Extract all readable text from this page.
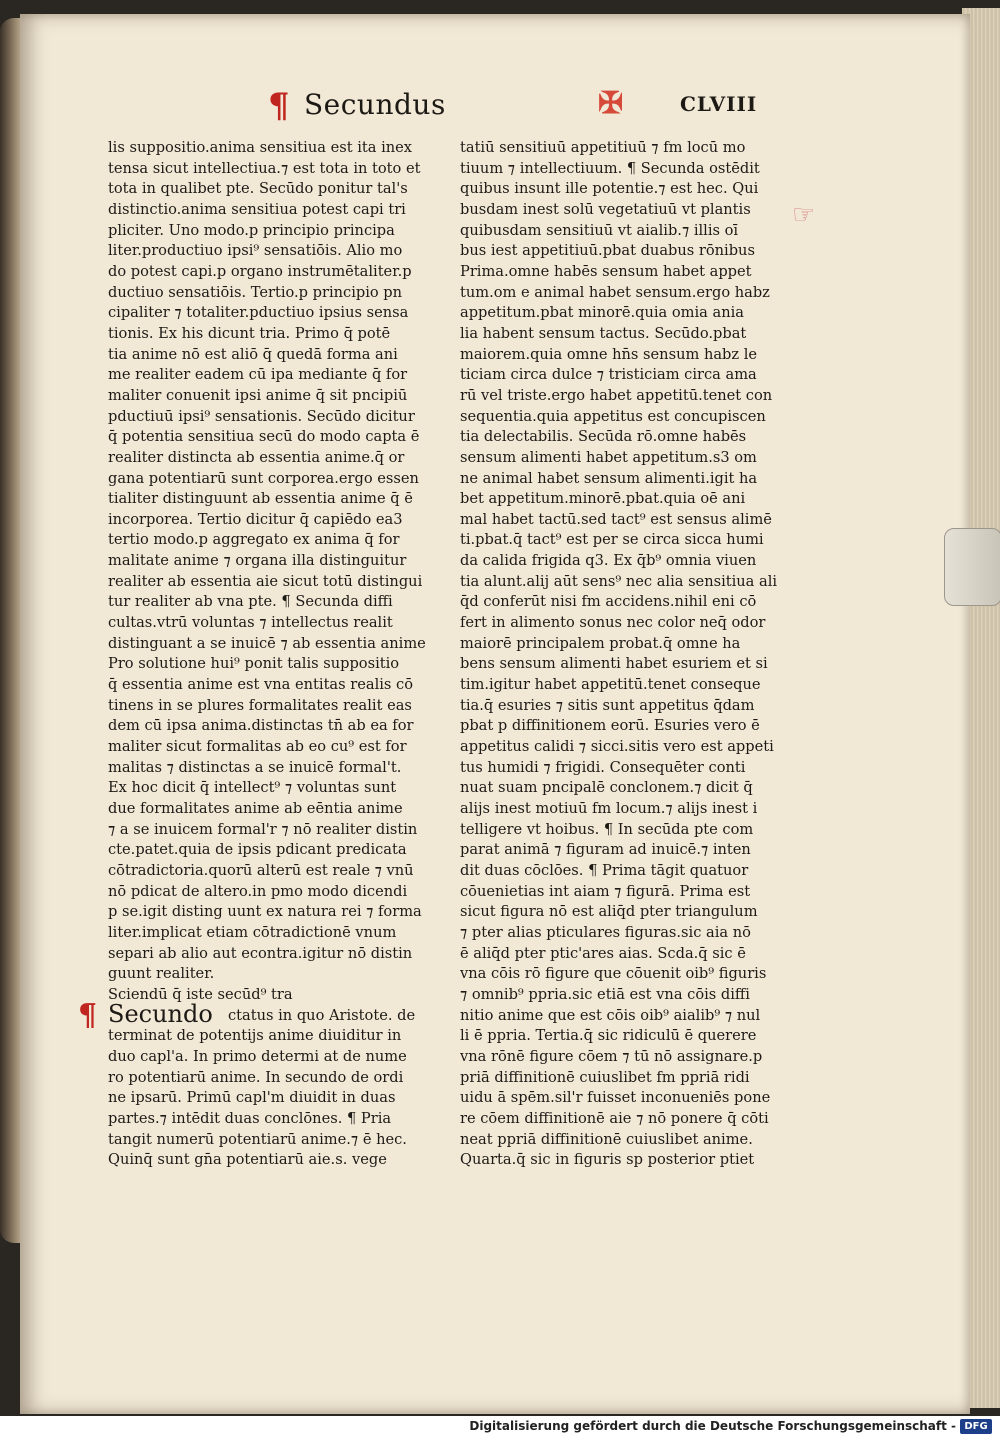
¶ Secundus	✠	CLVIII
☞
lis suppositio.anima sensitiua est ita inex
tensa sicut intellectiua.⁊ est tota in toto et
tota in qualibet pte. Secūdo ponitur tal's
distinctio.anima sensitiua potest capi tri
pliciter. Uno modo.p principio principa
liter.productiuo ipsi⁹ sensatiōis. Alio mo
do potest capi.p organo instrumētaliter.p
ductiuo sensatiōis. Tertio.p principio pn
cipaliter ⁊ totaliter.pductiuo ipsius sensa
tionis. Ex his dicunt tria. Primo q̄ potē
tia anime nō est aliō q̄ quedā forma ani
me realiter eadem cū ipa mediante q̄ for
maliter conuenit ipsi anime q̄ sit pncipiū
pductiuū ipsi⁹ sensationis. Secūdo dicitur
q̄ potentia sensitiua secū do modo capta ē
realiter distincta ab essentia anime.q̄ or
gana potentiarū sunt corporea.ergo essen
tialiter distinguunt ab essentia anime q̄ ē
incorporea. Tertio dicitur q̄ capiēdo ea3
tertio modo.p aggregato ex anima q̄ for
malitate anime ⁊ organa illa distinguitur
realiter ab essentia aie sicut totū distingui
tur realiter ab vna pte. ¶ Secunda diffi
cultas.vtrū voluntas ⁊ intellectus realit
distinguant a se inuicē ⁊ ab essentia anime
Pro solutione hui⁹ ponit talis suppositio
q̄ essentia anime est vna entitas realis cō
tinens in se plures formalitates realit eas
dem cū ipsa anima.distinctas tn̄ ab ea for
maliter sicut formalitas ab eo cu⁹ est for
malitas ⁊ distinctas a se inuicē formal't.
Ex hoc dicit q̄ intellect⁹ ⁊ voluntas sunt
due formalitates anime ab eēntia anime
⁊ a se inuicem formal'r ⁊ nō realiter distin
cte.patet.quia de ipsis pdicant predicata
cōtradictoria.quorū alterū est reale ⁊ vnū
nō pdicat de altero.in pmo modo dicendi
p se.igit disting uunt ex natura rei ⁊ forma
liter.implicat etiam cōtradictionē vnum
separi ab alio aut econtra.igitur nō distin
guunt realiter.
Sciendū q̄ iste secūd⁹ tra
ctatus in quo Aristote. de
terminat de potentijs anime diuiditur in
duo capl'a. In primo determi at de nume
ro potentiarū anime. In secundo de ordi
ne ipsarū. Primū capl'm diuidit in duas
partes.⁊ intēdit duas conclōnes. ¶ Pria
tangit numerū potentiarū anime.⁊ ē hec.
Quinq̄ sunt gn̄a potentiarū aie.s. vege
tatiū sensitiuū appetitiuū ⁊ fm locū mo
tiuum ⁊ intellectiuum. ¶ Secunda ostēdit
quibus insunt ille potentie.⁊ est hec. Qui
busdam inest solū vegetatiuū vt plantis
quibusdam sensitiuū vt aialib.⁊ illis oī
bus iest appetitiuū.pbat duabus rōnibus
Prima.omne habēs sensum habet appet
tum.om e animal habet sensum.ergo habz
appetitum.pbat minorē.quia omia ania
lia habent sensum tactus. Secūdo.pbat
maiorem.quia omne hn̄s sensum habz le
ticiam circa dulce ⁊ tristiciam circa ama
rū vel triste.ergo habet appetitū.tenet con
sequentia.quia appetitus est concupiscen
tia delectabilis. Secūda rō.omne habēs
sensum alimenti habet appetitum.s3 om
ne animal habet sensum alimenti.igit ha
bet appetitum.minorē.pbat.quia oē ani
mal habet tactū.sed tact⁹ est sensus alimē
ti.pbat.q̄ tact⁹ est per se circa sicca humi
da calida frigida q3. Ex q̄b⁹ omnia viuen
tia alunt.alij aūt sens⁹ nec alia sensitiua ali
q̄d conferūt nisi fm accidens.nihil eni cō
fert in alimento sonus nec color neq̄ odor
maiorē principalem probat.q̄ omne ha
bens sensum alimenti habet esuriem et si
tim.igitur habet appetitū.tenet conseque
tia.q̄ esuries ⁊ sitis sunt appetitus q̄dam
pbat p diffinitionem eorū. Esuries vero ē
appetitus calidi ⁊ sicci.sitis vero est appeti
tus humidi ⁊ frigidi. Consequēter conti
nuat suam pncipalē conclonem.⁊ dicit q̄
alijs inest motiuū fm locum.⁊ alijs inest i
telligere vt hoibus. ¶ In secūda pte com
parat animā ⁊ figuram ad inuicē.⁊ inten
dit duas cōclōes. ¶ Prima tāgit quatuor
cōuenietias int aiam ⁊ figurā. Prima est
sicut figura nō est aliq̄d pter triangulum
⁊ pter alias pticulares figuras.sic aia nō
ē aliq̄d pter ptic'ares aias. Scda.q̄ sic ē
vna cōis rō figure que cōuenit oib⁹ figuris
⁊ omnib⁹ ppria.sic etiā est vna cōis diffi
nitio anime que est cōis oib⁹ aialib⁹ ⁊ nul
li ē ppria. Tertia.q̄ sic ridiculū ē querere
vna rōnē figure cōem ⁊ tū nō assignare.p
priā diffinitionē cuiuslibet fm ppriā ridi
uidu ā spēm.sil'r fuisset inconueniēs pone
re cōem diffinitionē aie ⁊ nō ponere q̄ cōti
neat ppriā diffinitionē cuiuslibet anime.
Quarta.q̄ sic in figuris sp posterior ptiet
¶ Secundo
Digitalisierung gefördert durch die Deutsche Forschungsgemeinschaft - DFG
